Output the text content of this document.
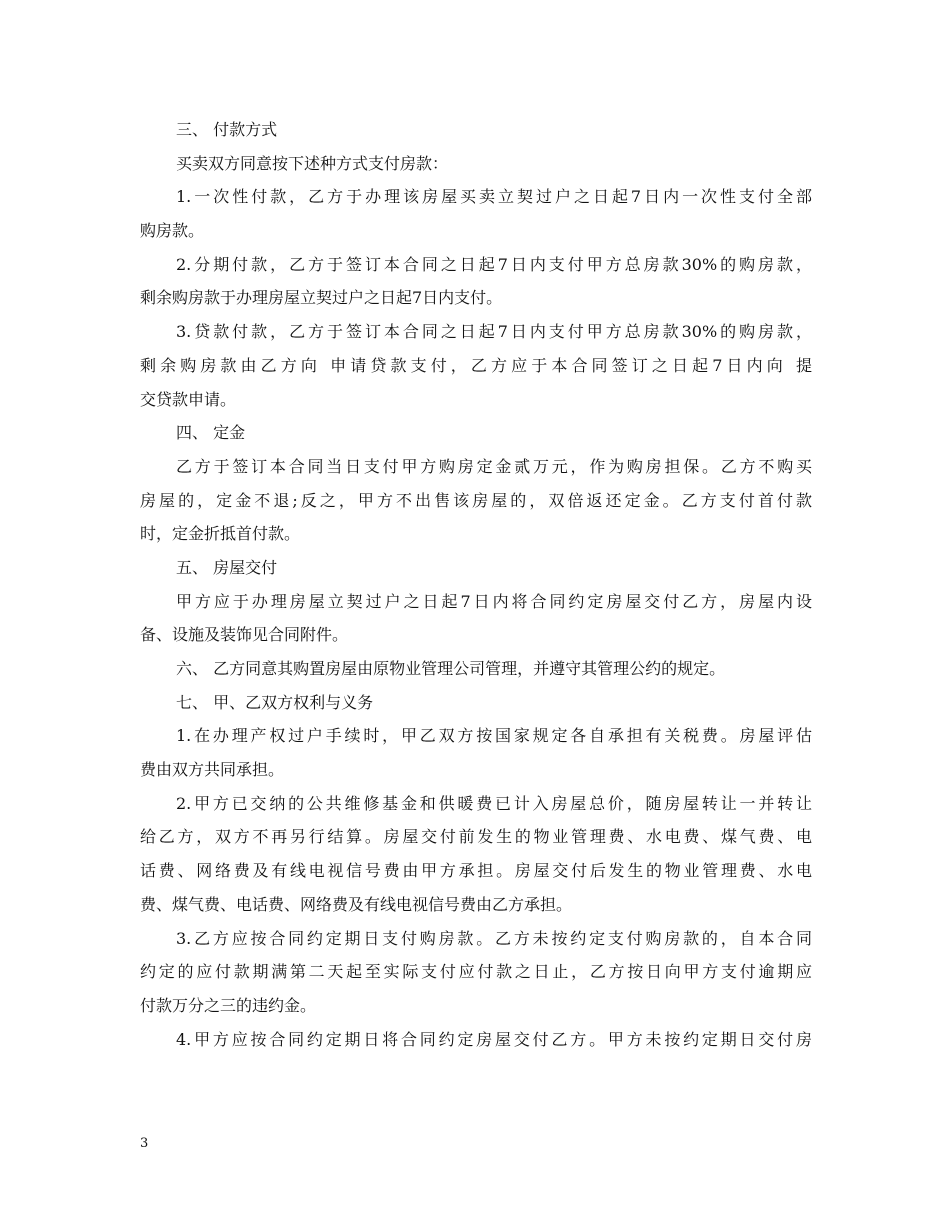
三、 付款方式
买卖双方同意按下述种方式支付房款：
1.一次性付款，乙方于办理该房屋买卖立契过户之日起7日内一次性支付全部
购房款。
2.分期付款，乙方于签订本合同之日起7日内支付甲方总房款30%的购房款，
剩余购房款于办理房屋立契过户之日起7日内支付。
3.贷款付款，乙方于签订本合同之日起7日内支付甲方总房款30%的购房款，
剩余购房款由乙方向 申请贷款支付，乙方应于本合同签订之日起7日内向 提
交贷款申请。
四、 定金
乙方于签订本合同当日支付甲方购房定金贰万元，作为购房担保。乙方不购买
房屋的，定金不退;反之，甲方不出售该房屋的，双倍返还定金。乙方支付首付款
时，定金折抵首付款。
五、 房屋交付
甲方应于办理房屋立契过户之日起7日内将合同约定房屋交付乙方，房屋内设
备、设施及装饰见合同附件。
六、 乙方同意其购置房屋由原物业管理公司管理，并遵守其管理公约的规定。
七、 甲、乙双方权利与义务
1.在办理产权过户手续时，甲乙双方按国家规定各自承担有关税费。房屋评估
费由双方共同承担。
2.甲方已交纳的公共维修基金和供暖费已计入房屋总价，随房屋转让一并转让
给乙方，双方不再另行结算。房屋交付前发生的物业管理费、水电费、煤气费、电
话费、网络费及有线电视信号费由甲方承担。房屋交付后发生的物业管理费、水电
费、煤气费、电话费、网络费及有线电视信号费由乙方承担。
3.乙方应按合同约定期日支付购房款。乙方未按约定支付购房款的，自本合同
约定的应付款期满第二天起至实际支付应付款之日止，乙方按日向甲方支付逾期应
付款万分之三的违约金。
4.甲方应按合同约定期日将合同约定房屋交付乙方。甲方未按约定期日交付房
3
